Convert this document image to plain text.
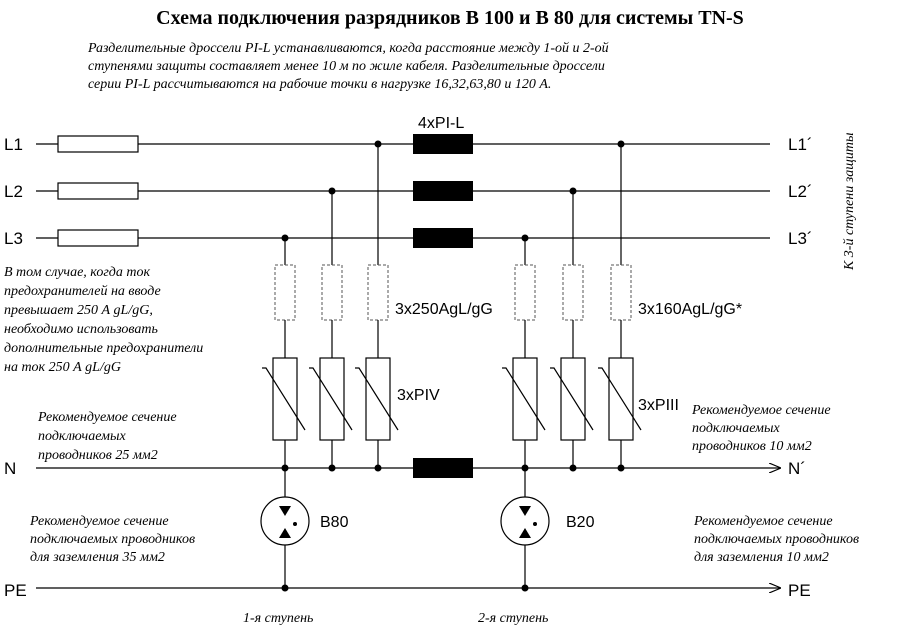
Схема подключения разрядников В 100 и В 80 для системы TN-S
Разделительные дроссели PI-L устанавливаются, когда расстояние между 1-ой и 2-ой
ступенями защиты составляет менее 10 м по жиле кабеля. Разделительные дроссели
серии PI-L рассчитываются на рабочие точки в нагрузке 16,32,63,80 и 120 А.
К 3-й ступени защиты
L1
L2
L3
N
PE
L1´
L2´
L3´
N´
PE
4xPI-L
3x250AgL/gG
3xPIV
B80
3x160AgL/gG*
3xPIII
B20
В том случае, когда ток
предохранителей на вводе
превышает 250 А gL/gG,
необходимо использовать
дополнительные предохранители
на ток 250 А gL/gG
Рекомендуемое сечение
подключаемых
проводников 25 мм2
Рекомендуемое сечение
подключаемых
проводников 10 мм2
Рекомендуемое сечение
подключаемых проводников
для заземления 35 мм2
Рекомендуемое сечение
подключаемых проводников
для заземления 10 мм2
1-я ступень	2-я ступень
